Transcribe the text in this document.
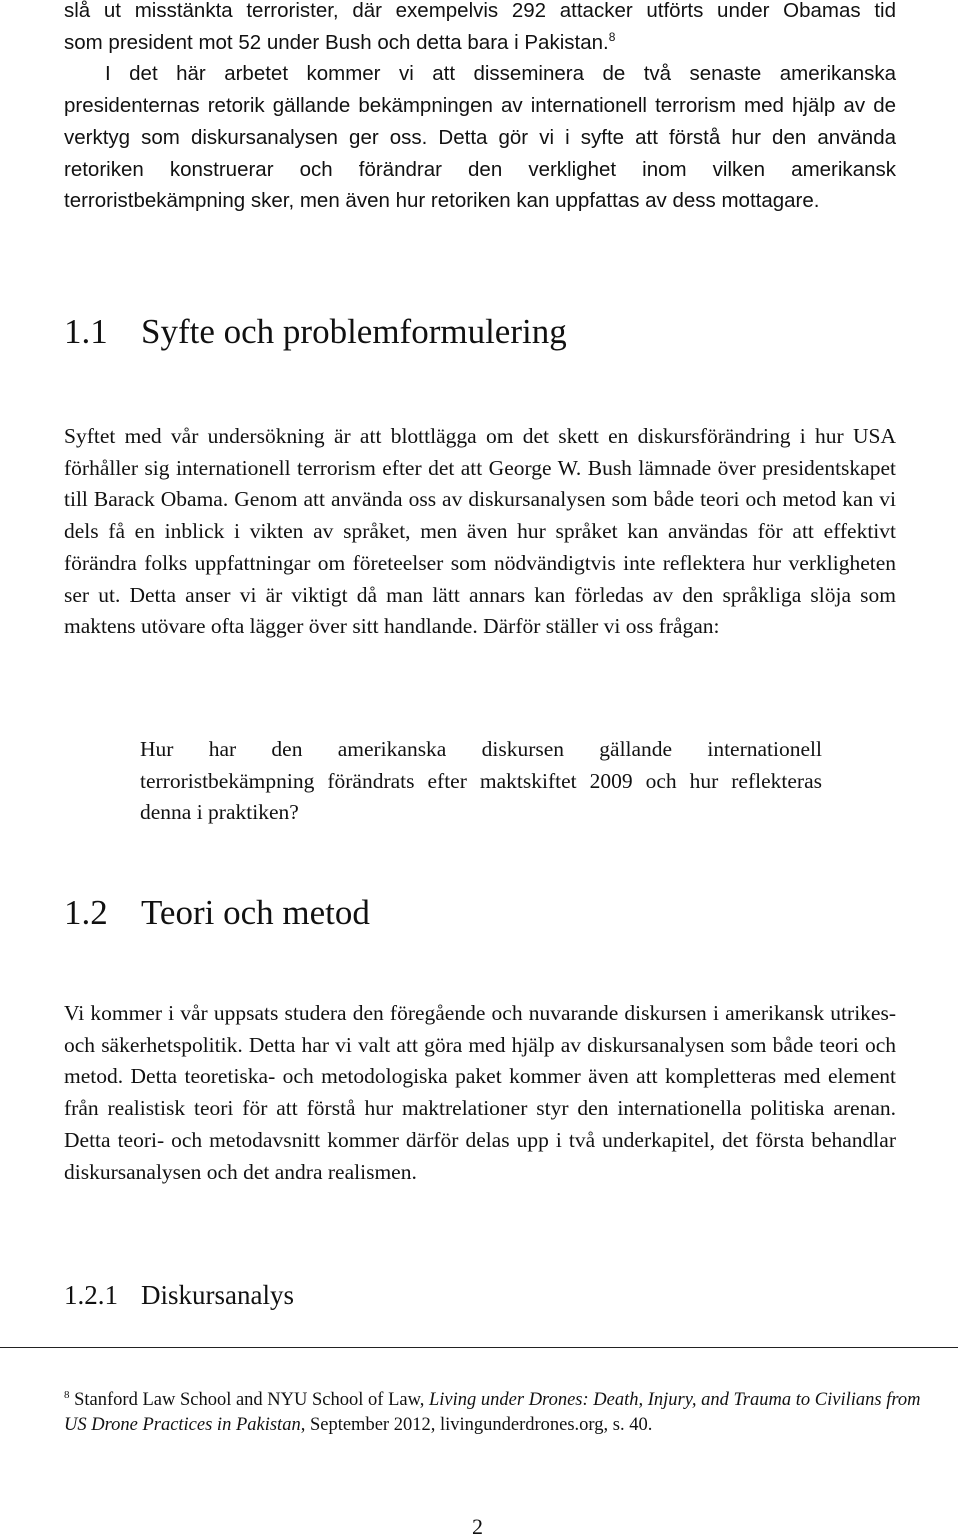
slå ut misstänkta terrorister, där exempelvis 292 attacker utförts under Obamas tid
som president mot 52 under Bush och detta bara i Pakistan.$^8$
I det här arbetet kommer vi att disseminera de två senaste amerikanska presidenternas retorik gällande bekämpningen av internationell terrorism med hjälp av de verktyg som diskursanalysen ger oss. Detta gör vi i syfte att förstå hur den använda retoriken konstruerar och förändrar den verklighet inom vilken amerikansk terroristbekämpning sker, men även hur retoriken kan uppfattas av dess mottagare.

1.1 Syfte och problemformulering

Syftet med vår undersökning är att blottlägga om det skett en diskursförändring i hur USA förhåller sig internationell terrorism efter det att George W. Bush lämnade över presidentskapet till Barack Obama. Genom att använda oss av diskursanalysen som både teori och metod kan vi dels få en inblick i vikten av språket, men även hur språket kan användas för att effektivt förändra folks uppfattningar om företeelser som nödvändigtvis inte reflektera hur verkligheten ser ut. Detta anser vi är viktigt då man lätt annars kan förledas av den språkliga slöja som maktens utövare ofta lägger över sitt handlande. Därför ställer vi oss frågan:

Hur har den amerikanska diskursen gällande internationell terroristbekämpning förändrats efter maktskiftet 2009 och hur reflekteras denna i praktiken?

1.2 Teori och metod

Vi kommer i vår uppsats studera den föregående och nuvarande diskursen i amerikansk utrikes- och säkerhetspolitik. Detta har vi valt att göra med hjälp av diskursanalysen som både teori och metod. Detta teoretiska- och metodologiska paket kommer även att kompletteras med element från realistisk teori för att förstå hur maktrelationer styr den internationella politiska arenan. Detta teori- och metodavsnitt kommer därför delas upp i två underkapitel, det första behandlar diskursanalysen och det andra realismen.

1.2.1 Diskursanalys

$^8$ Stanford Law School and NYU School of Law, Living under Drones: Death, Injury, and Trauma to Civilians from US Drone Practices in Pakistan, September 2012, livingunderdrones.org, s. 40.

2
